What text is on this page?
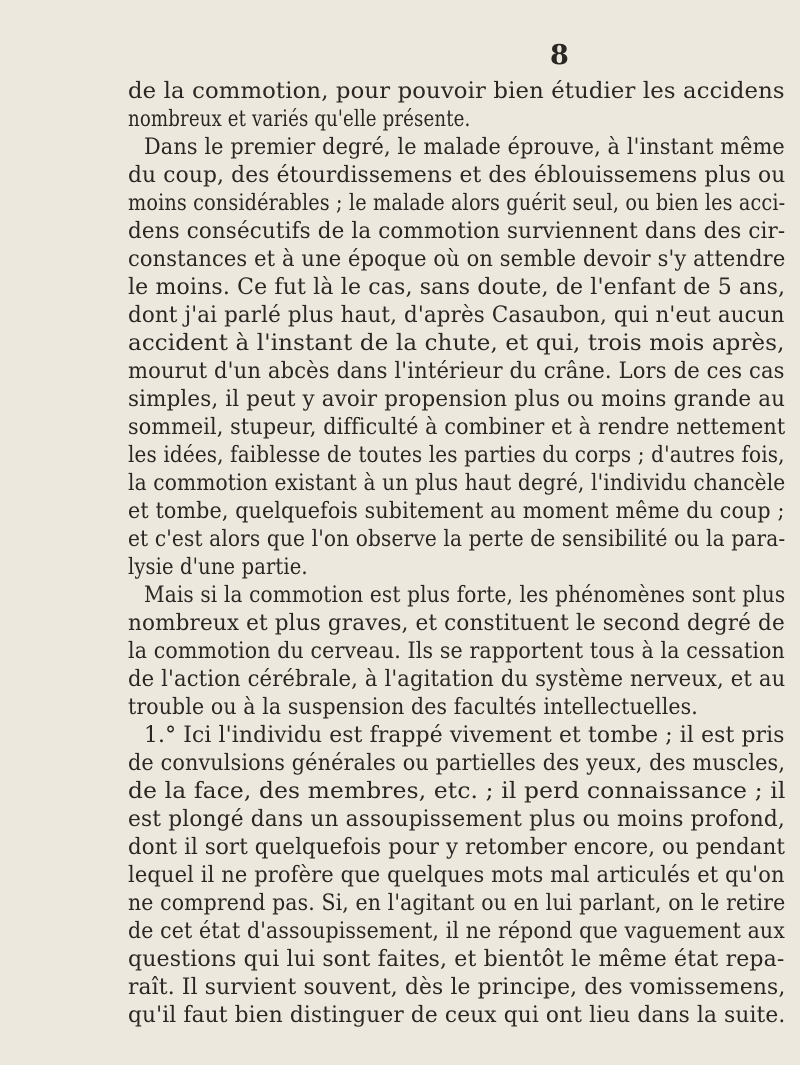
8
de la commotion, pour pouvoir bien étudier les accidens
nombreux et variés qu'elle présente.
Dans le premier degré, le malade éprouve, à l'instant même
du coup, des étourdissemens et des éblouissemens plus ou
moins considérables ; le malade alors guérit seul, ou bien les acci-
dens consécutifs de la commotion surviennent dans des cir-
constances et à une époque où on semble devoir s'y attendre
le moins. Ce fut là le cas, sans doute, de l'enfant de 5 ans,
dont j'ai parlé plus haut, d'après Casaubon, qui n'eut aucun
accident à l'instant de la chute, et qui, trois mois après,
mourut d'un abcès dans l'intérieur du crâne. Lors de ces cas
simples, il peut y avoir propension plus ou moins grande au
sommeil, stupeur, difficulté à combiner et à rendre nettement
les idées, faiblesse de toutes les parties du corps ; d'autres fois,
la commotion existant à un plus haut degré, l'individu chancèle
et tombe, quelquefois subitement au moment même du coup ;
et c'est alors que l'on observe la perte de sensibilité ou la para-
lysie d'une partie.
Mais si la commotion est plus forte, les phénomènes sont plus
nombreux et plus graves, et constituent le second degré de
la commotion du cerveau. Ils se rapportent tous à la cessation
de l'action cérébrale, à l'agitation du système nerveux, et au
trouble ou à la suspension des facultés intellectuelles.
1.° Ici l'individu est frappé vivement et tombe ; il est pris
de convulsions générales ou partielles des yeux, des muscles,
de la face, des membres, etc. ; il perd connaissance ; il
est plongé dans un assoupissement plus ou moins profond,
dont il sort quelquefois pour y retomber encore, ou pendant
lequel il ne profère que quelques mots mal articulés et qu'on
ne comprend pas. Si, en l'agitant ou en lui parlant, on le retire
de cet état d'assoupissement, il ne répond que vaguement aux
questions qui lui sont faites, et bientôt le même état repa-
raît. Il survient souvent, dès le principe, des vomissemens,
qu'il faut bien distinguer de ceux qui ont lieu dans la suite.
